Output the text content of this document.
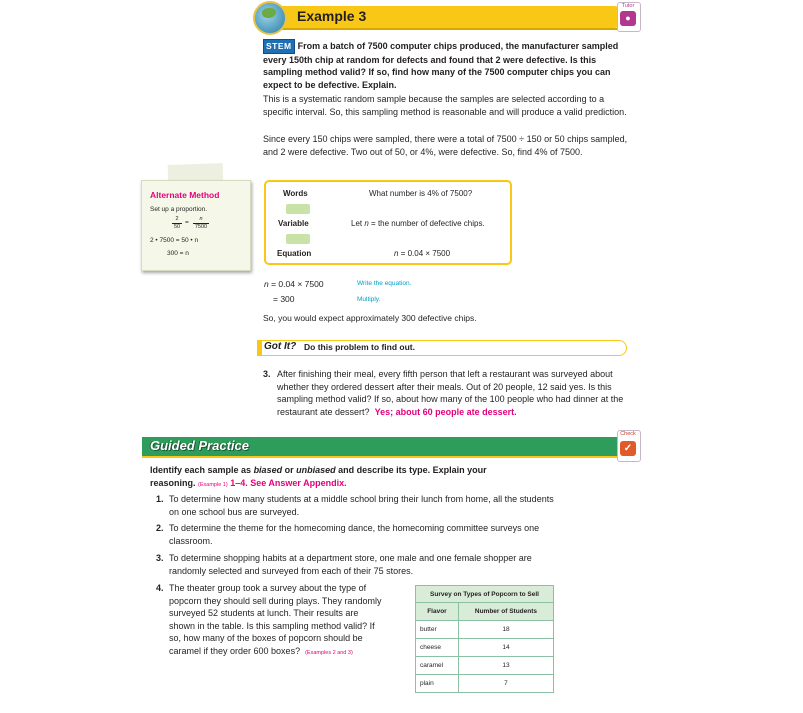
Example 3
Tutor
●
STEM From a batch of 7500 computer chips produced, the manufacturer sampled every 150th chip at random for defects and found that 2 were defective. Is this sampling method valid? If so, find how many of the 7500 computer chips you can expect to be defective. Explain.
This is a systematic random sample because the samples are selected according to a specific interval. So, this sampling method is reasonable and will produce a valid prediction.
Since every 150 chips were sampled, there were a total of 7500 ÷ 150 or 50 chips sampled, and 2 were defective. Two out of 50, or 4%, were defective. So, find 4% of 7500.
Alternate Method
Set up a proportion.
2
50
=	n
7500
2 • 7500 = 50 • n
300 = n
Words	What number is 4% of 7500?
Variable	Let n = the number of defective chips.
Equation	n = 0.04 × 7500
n = 0.04 × 7500	Write the equation.
= 300	Multiply.
So, you would expect approximately 300 defective chips.
Got It? Do this problem to find out.
3. After finishing their meal, every fifth person that left a restaurant was surveyed about whether they ordered dessert after their meals. Out of 20 people, 12 said yes. Is this sampling method valid? If so, about how many of the 100 people who had dinner at the restaurant ate dessert? Yes; about 60 people ate dessert.
Guided Practice
Check
✓
Identify each sample as biased or unbiased and describe its type. Explain your
reasoning. (Example 1) 1–4. See Answer Appendix.
1. To determine how many students at a middle school bring their lunch from home, all the students on one school bus are surveyed.
2. To determine the theme for the homecoming dance, the homecoming committee surveys one classroom.
3. To determine shopping habits at a department store, one male and one female shopper are randomly selected and surveyed from each of their 75 stores.
4. The theater group took a survey about the type of popcorn they should sell during plays. They randomly surveyed 52 students at lunch. Their results are shown in the table. Is this sampling method valid? If so, how many of the boxes of popcorn should be caramel if they order 600 boxes? (Examples 2 and 3)
Survey on Types of Popcorn to Sell	
Flavor	Number of Students
butter	18
cheese	14
caramel	13
plain	7
